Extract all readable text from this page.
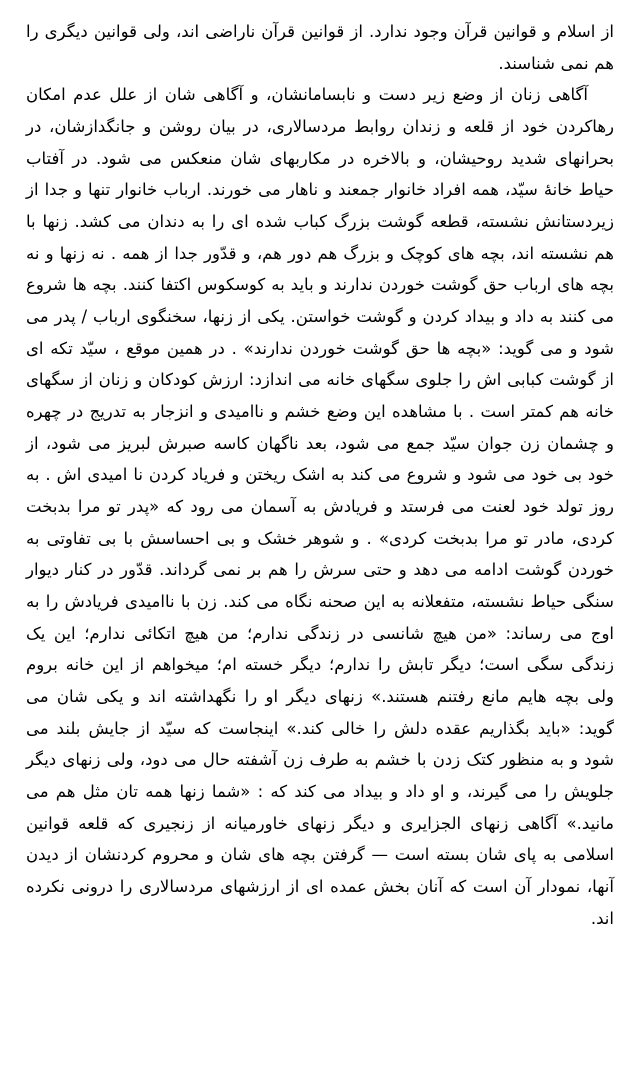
از اسلام و قوانین قرآن وجود ندارد. از قوانین قرآن ناراضی اند، ولی قوانین دیگری را هم نمی شناسند.

آگاهی زنان از وضع زیر دست و نابسامانشان، و آگاهی شان از علل عدم امکان رهاکردن خود از قلعه و زندان روابط مردسالاری، در بیان روشن و جانگدازشان، در بحرانهای شدید روحیشان، و بالاخره در مکاربهای شان منعکس می شود. در آفتاب حیاط خانهٔ سیّد، همه افراد خانوار جمعند و ناهار می خورند. ارباب خانوار تنها و جدا از زیردستانش نشسته، قطعه گوشت بزرگ کباب شده ای را به دندان می کشد. زنها با هم نشسته اند، بچه های کوچک و بزرگ هم دور هم، و قدّور جدا از همه . نه زنها و نه بچه های ارباب حق گوشت خوردن ندارند و باید به کوسکوس اکتفا کنند. بچه ها شروع می کنند به داد و بیداد کردن و گوشت خواستن. یکی از زنها، سخنگوی ارباب / پدر می شود و می گوید: «بچه ها حق گوشت خوردن ندارند» . در همین موقع ، سیّد تکه ای از گوشت کبابی اش را جلوی سگهای خانه می اندازد: ارزش کودکان و زنان از سگهای خانه هم کمتر است . با مشاهده این وضع خشم و ناامیدی و انزجار به تدریج در چهره و چشمان زن جوان سیّد جمع می شود، بعد ناگهان کاسه صبرش لبریز می شود، از خود بی خود می شود و شروع می کند به اشک ریختن و فریاد کردن نا امیدی اش . به روز تولد خود لعنت می فرستد و فریادش به آسمان می رود که «پدر تو مرا بدبخت کردی، مادر تو مرا بدبخت کردی» . و شوهر خشک و بی احساسش با بی تفاوتی به خوردن گوشت ادامه می دهد و حتی سرش را هم بر نمی گرداند. قدّور در کنار دیوار سنگی حیاط نشسته، متفعلانه به این صحنه نگاه می کند. زن با ناامیدی فریادش را به اوج می رساند: «من هیچ شانسی در زندگی ندارم؛ من هیچ اتکائی ندارم؛ این یک زندگی سگی است؛ دیگر تابش را ندارم؛ دیگر خسته ام؛ میخواهم از این خانه بروم ولی بچه هایم مانع رفتنم هستند.» زنهای دیگر او را نگهداشته اند و یکی شان می گوید: «باید بگذاریم عقده دلش را خالی کند.» اینجاست که سیّد از جایش بلند می شود و به منظور کتک زدن با خشم به طرف زن آشفته حال می دود، ولی زنهای دیگر جلویش را می گیرند، و او داد و بیداد می کند که : «شما زنها همه تان مثل هم می مانید.» آگاهی زنهای الجزایری و دیگر زنهای خاورمیانه از زنجیری که قلعه قوانین اسلامی به پای شان بسته است — گرفتن بچه های شان و محروم کردنشان از دیدن آنها، نمودار آن است که آنان بخش عمده ای از ارزشهای مردسالاری را درونی نکرده اند.
